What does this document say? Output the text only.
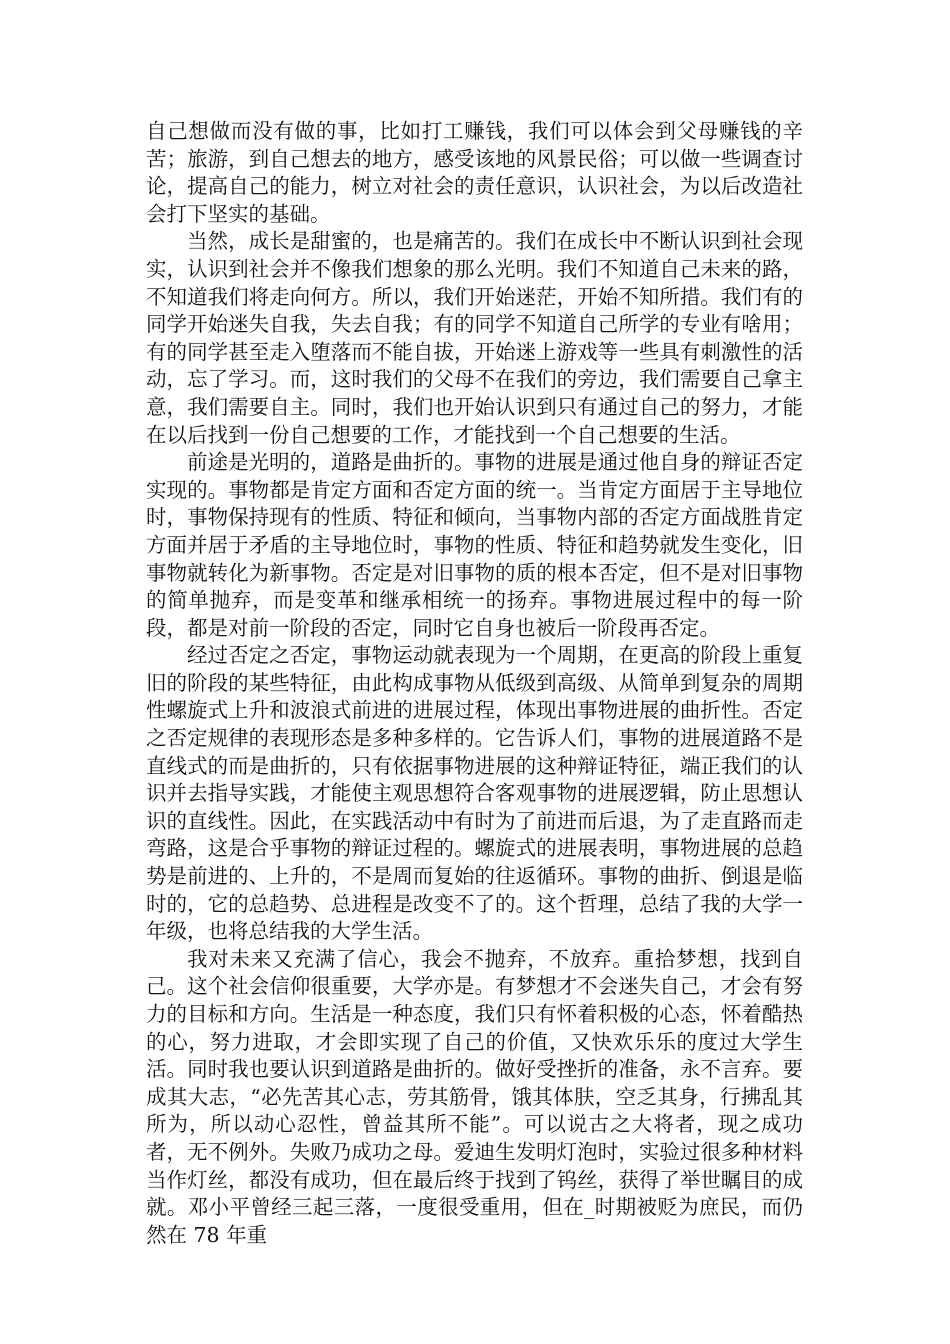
自己想做而没有做的事，比如打工赚钱，我们可以体会到父母赚钱的辛苦；旅游，到自己想去的地方，感受该地的风景民俗；可以做一些调查讨论，提高自己的能力，树立对社会的责任意识，认识社会，为以后改造社会打下坚实的基础。

当然，成长是甜蜜的，也是痛苦的。我们在成长中不断认识到社会现实，认识到社会并不像我们想象的那么光明。我们不知道自己未来的路，不知道我们将走向何方。所以，我们开始迷茫，开始不知所措。我们有的同学开始迷失自我，失去自我；有的同学不知道自己所学的专业有啥用；有的同学甚至走入堕落而不能自拔，开始迷上游戏等一些具有刺激性的活动，忘了学习。而，这时我们的父母不在我们的旁边，我们需要自己拿主意，我们需要自主。同时，我们也开始认识到只有通过自己的努力，才能在以后找到一份自己想要的工作，才能找到一个自己想要的生活。

前途是光明的，道路是曲折的。事物的进展是通过他自身的辩证否定实现的。事物都是肯定方面和否定方面的统一。当肯定方面居于主导地位时，事物保持现有的性质、特征和倾向，当事物内部的否定方面战胜肯定方面并居于矛盾的主导地位时，事物的性质、特征和趋势就发生变化，旧事物就转化为新事物。否定是对旧事物的质的根本否定，但不是对旧事物的简单抛弃，而是变革和继承相统一的扬弃。事物进展过程中的每一阶段，都是对前一阶段的否定，同时它自身也被后一阶段再否定。

经过否定之否定，事物运动就表现为一个周期，在更高的阶段上重复旧的阶段的某些特征，由此构成事物从低级到高级、从简单到复杂的周期性螺旋式上升和波浪式前进的进展过程，体现出事物进展的曲折性。否定之否定规律的表现形态是多种多样的。它告诉人们，事物的进展道路不是直线式的而是曲折的，只有依据事物进展的这种辩证特征，端正我们的认识并去指导实践，才能使主观思想符合客观事物的进展逻辑，防止思想认识的直线性。因此，在实践活动中有时为了前进而后退，为了走直路而走弯路，这是合乎事物的辩证过程的。螺旋式的进展表明，事物进展的总趋势是前进的、上升的，不是周而复始的往返循环。事物的曲折、倒退是临时的，它的总趋势、总进程是改变不了的。这个哲理，总结了我的大学一年级，也将总结我的大学生活。

我对未来又充满了信心，我会不抛弃，不放弃。重拾梦想，找到自己。这个社会信仰很重要，大学亦是。有梦想才不会迷失自己，才会有努力的目标和方向。生活是一种态度，我们只有怀着积极的心态，怀着酷热的心，努力进取，才会即实现了自己的价值，又快欢乐乐的度过大学生活。同时我也要认识到道路是曲折的。做好受挫折的准备，永不言弃。要成其大志，“必先苦其心志，劳其筋骨，饿其体肤，空乏其身，行拂乱其所为，所以动心忍性，曾益其所不能”。可以说古之大将者，现之成功者，无不例外。失败乃成功之母。爱迪生发明灯泡时，实验过很多种材料当作灯丝，都没有成功，但在最后终于找到了钨丝，获得了举世瞩目的成就。邓小平曾经三起三落，一度很受重用，但在_时期被贬为庶民，而仍然在 78 年重
